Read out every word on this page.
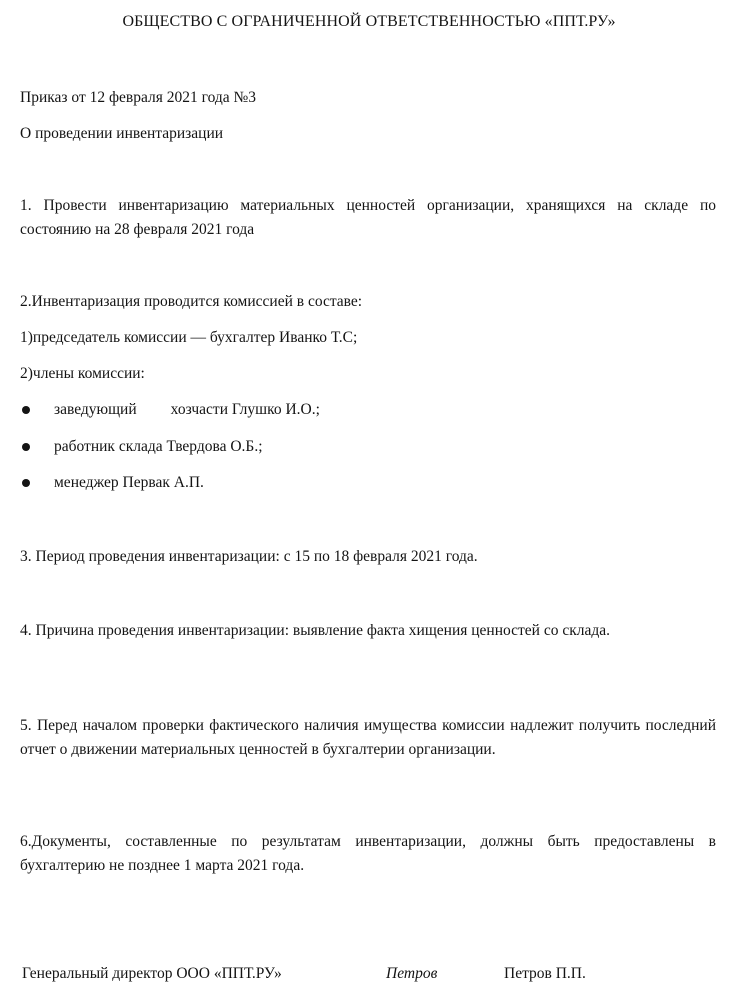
ОБЩЕСТВО С ОГРАНИЧЕННОЙ ОТВЕТСТВЕННОСТЬЮ «ППТ.РУ»
Приказ от 12 февраля 2021 года №3
О проведении инвентаризации
1. Провести инвентаризацию материальных ценностей организации, хранящихся на складе по состоянию на 28 февраля 2021 года
2.Инвентаризация проводится комиссией в составе:
1)председатель комиссии — бухгалтер Иванко Т.С;
2)члены комиссии:
заведующий хозчасти Глушко И.О.;
работник склада Твердова О.Б.;
менеджер Первак А.П.
3. Период проведения инвентаризации: с 15 по 18 февраля 2021 года.
4. Причина проведения инвентаризации: выявление факта хищения ценностей со склада.
5. Перед началом проверки фактического наличия имущества комиссии надлежит получить последний отчет о движении материальных ценностей в бухгалтерии организации.
6.Документы, составленные по результатам инвентаризации, должны быть предоставлены в бухгалтерию не позднее 1 марта 2021 года.
Генеральный директор ООО «ППТ.РУ»	Петров	Петров П.П.
